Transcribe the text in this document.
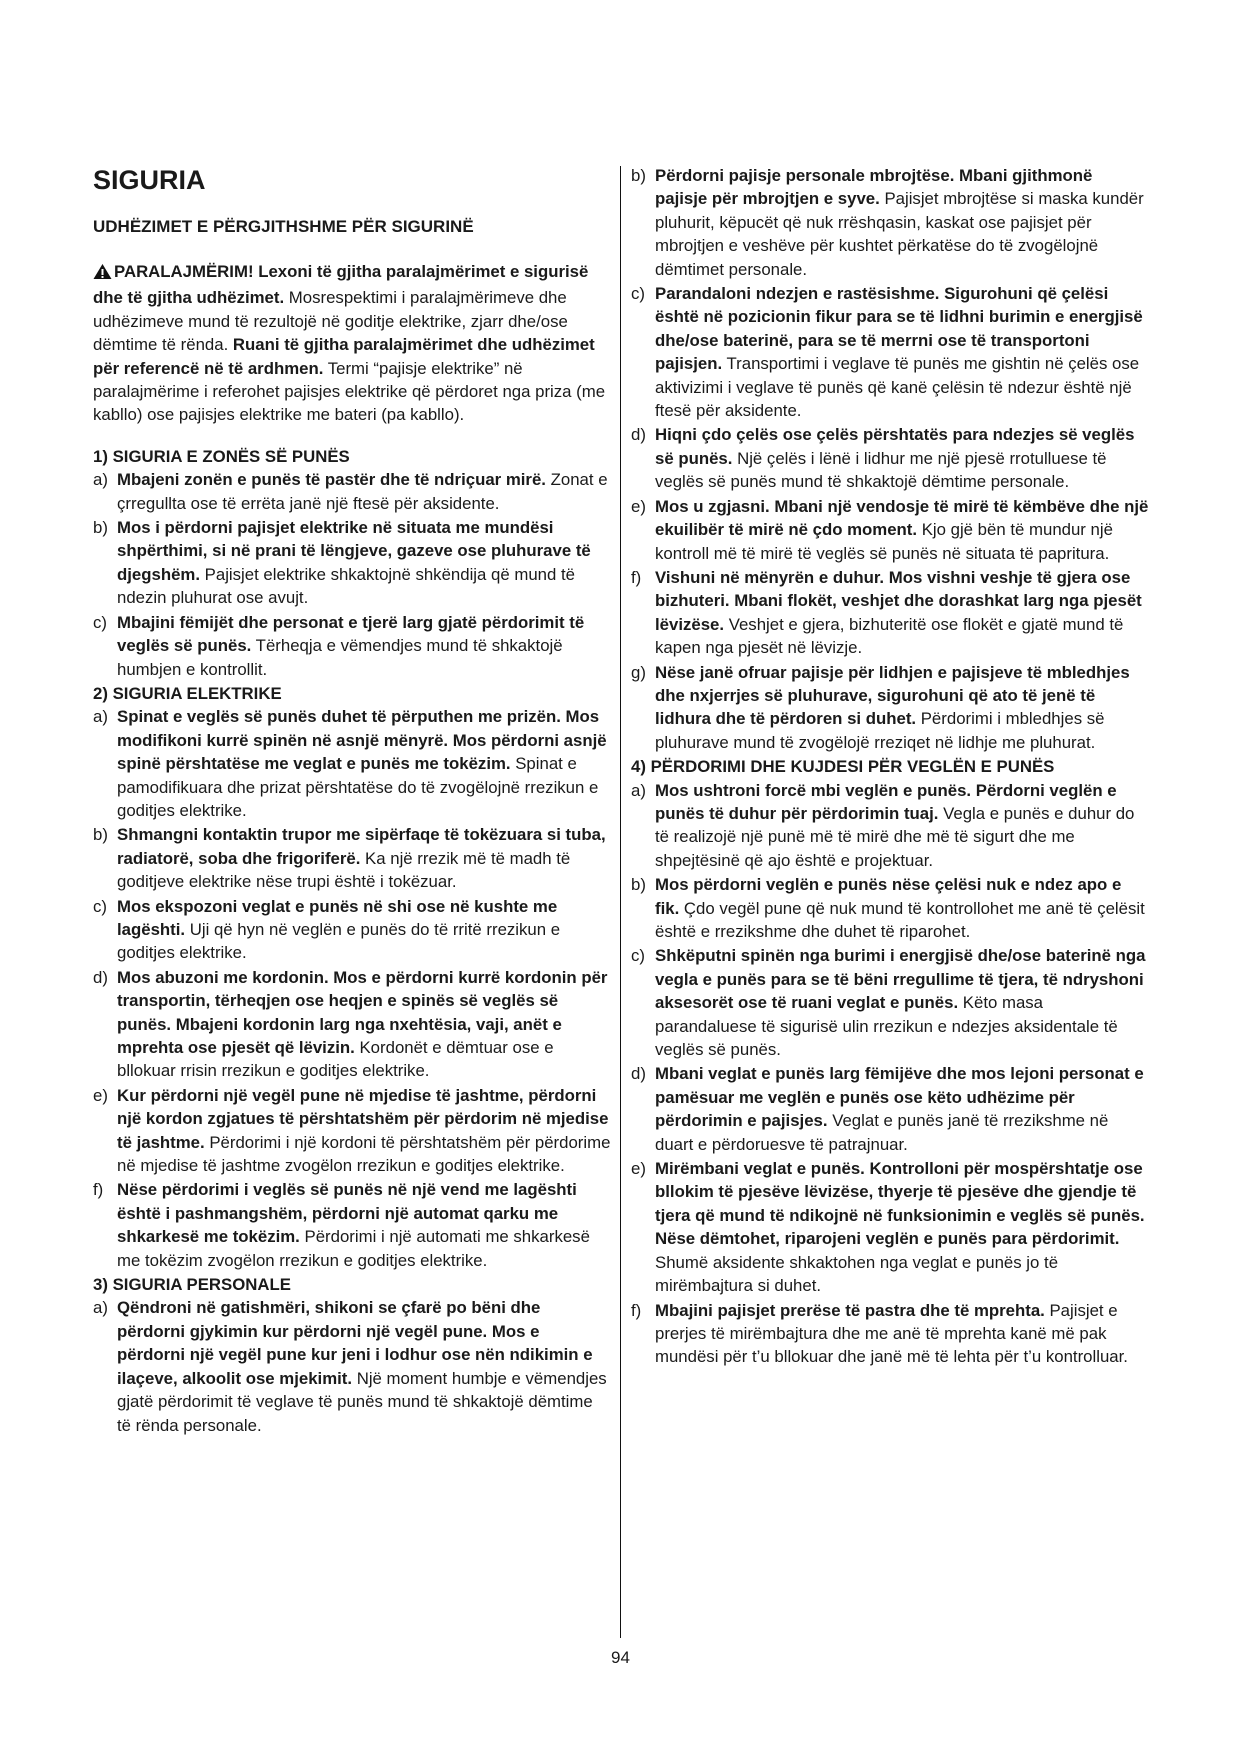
SIGURIA
UDHËZIMET E PËRGJITHSHME PËR SIGURINË

PARALAJMËRIM! Lexoni të gjitha paralajmërimet e sigurisë dhe të gjitha udhëzimet. Mosrespektimi i paralajmërimeve dhe udhëzimeve mund të rezultojë në goditje elektrike, zjarr dhe/ose dëmtime të rënda. Ruani të gjitha paralajmërimet dhe udhëzimet për referencë në të ardhmen. Termi “pajisje elektrike” në paralajmërime i referohet pajisjes elektrike që përdoret nga priza (me kabllo) ose pajisjes elektrike me bateri (pa kabllo).

1) SIGURIA E ZONËS SË PUNËS
a) Mbajeni zonën e punës të pastër dhe të ndriçuar mirë. Zonat e çrregullta ose të errëta janë një ftesë për aksidente.
b) Mos i përdorni pajisjet elektrike në situata me mundësi shpërthimi, si në prani të lëngjeve, gazeve ose pluhurave të djegshëm. Pajisjet elektrike shkaktojnë shkëndija që mund të ndezin pluhurat ose avujt.
c) Mbajini fëmijët dhe personat e tjerë larg gjatë përdorimit të veglës së punës. Tërheqja e vëmendjes mund të shkaktojë humbjen e kontrollit.
2) SIGURIA ELEKTRIKE
a) Spinat e veglës së punës duhet të përputhen me prizën. Mos modifikoni kurrë spinën në asnjë mënyrë. Mos përdorni asnjë spinë përshtatëse me veglat e punës me tokëzim. Spinat e pamodifikuara dhe prizat përshtatëse do të zvogëlojnë rrezikun e goditjes elektrike.
b) Shmangni kontaktin trupor me sipërfaqe të tokëzuara si tuba, radiatorë, soba dhe frigoriferë. Ka një rrezik më të madh të goditjeve elektrike nëse trupi është i tokëzuar.
c) Mos ekspozoni veglat e punës në shi ose në kushte me lagështi. Uji që hyn në veglën e punës do të rritë rrezikun e goditjes elektrike.
d) Mos abuzoni me kordonin. Mos e përdorni kurrë kordonin për transportin, tërheqjen ose heqjen e spinës së veglës së punës. Mbajeni kordonin larg nga nxehtësia, vaji, anët e mprehta ose pjesët që lëvizin. Kordonët e dëmtuar ose e bllokuar rrisin rrezikun e goditjes elektrike.
e) Kur përdorni një vegël pune në mjedise të jashtme, përdorni një kordon zgjatues të përshtatshëm për përdorim në mjedise të jashtme. Përdorimi i një kordoni të përshtatshëm për përdorime në mjedise të jashtme zvogëlon rrezikun e goditjes elektrike.
f) Nëse përdorimi i veglës së punës në një vend me lagështi është i pashmangshëm, përdorni një automat qarku me shkarkesë me tokëzim. Përdorimi i një automati me shkarkesë me tokëzim zvogëlon rrezikun e goditjes elektrike.
3) SIGURIA PERSONALE
a) Qëndroni në gatishmëri, shikoni se çfarë po bëni dhe përdorni gjykimin kur përdorni një vegël pune. Mos e përdorni një vegël pune kur jeni i lodhur ose nën ndikimin e ilaçeve, alkoolit ose mjekimit. Një moment humbje e vëmendjes gjatë përdorimit të veglave të punës mund të shkaktojë dëmtime të rënda personale.
b) Përdorni pajisje personale mbrojtëse. Mbani gjithmonë pajisje për mbrojtjen e syve. Pajisjet mbrojtëse si maska kundër pluhurit, këpucët që nuk rrëshqasin, kaskat ose pajisjet për mbrojtjen e veshëve për kushtet përkatëse do të zvogëlojnë dëmtimet personale.
c) Parandaloni ndezjen e rastësishme. Sigurohuni që çelësi është në pozicionin fikur para se të lidhni burimin e energjisë dhe/ose baterinë, para se të merrni ose të transportoni pajisjen. Transportimi i veglave të punës me gishtin në çelës ose aktivizimi i veglave të punës që kanë çelësin të ndezur është një ftesë për aksidente.
d) Hiqni çdo çelës ose çelës përshtatës para ndezjes së veglës së punës. Një çelës i lënë i lidhur me një pjesë rrotulluese të veglës së punës mund të shkaktojë dëmtime personale.
e) Mos u zgjasni. Mbani një vendosje të mirë të këmbëve dhe një ekuilibër të mirë në çdo moment. Kjo gjë bën të mundur një kontroll më të mirë të veglës së punës në situata të papritura.
f) Vishuni në mënyrën e duhur. Mos vishni veshje të gjera ose bizhuteri. Mbani flokët, veshjet dhe dorashkat larg nga pjesët lëvizëse. Veshjet e gjera, bizhuteritë ose flokët e gjatë mund të kapen nga pjesët në lëvizje.
g) Nëse janë ofruar pajisje për lidhjen e pajisjeve të mbledhjes dhe nxjerrjes së pluhurave, sigurohuni që ato të jenë të lidhura dhe të përdoren si duhet. Përdorimi i mbledhjes së pluhurave mund të zvogëlojë rreziqet në lidhje me pluhurat.
4) PËRDORIMI DHE KUJDESI PËR VEGLËN E PUNËS
a) Mos ushtroni forcë mbi veglën e punës. Përdorni veglën e punës të duhur për përdorimin tuaj. Vegla e punës e duhur do të realizojë një punë më të mirë dhe më të sigurt dhe me shpejtësinë që ajo është e projektuar.
b) Mos përdorni veglën e punës nëse çelësi nuk e ndez apo e fik. Çdo vegël pune që nuk mund të kontrollohet me anë të çelësit është e rrezikshme dhe duhet të riparohet.
c) Shkëputni spinën nga burimi i energjisë dhe/ose baterinë nga vegla e punës para se të bëni rregullime të tjera, të ndryshoni aksesorët ose të ruani veglat e punës. Këto masa parandaluese të sigurisë ulin rrezikun e ndezjes aksidentale të veglës së punës.
d) Mbani veglat e punës larg fëmijëve dhe mos lejoni personat e pamësuar me veglën e punës ose këto udhëzime për përdorimin e pajisjes. Veglat e punës janë të rrezikshme në duart e përdoruesve të patrajnuar.
e) Mirëmbani veglat e punës. Kontrolloni për mospërshtatje ose bllokim të pjesëve lëvizëse, thyerje të pjesëve dhe gjendje të tjera që mund të ndikojnë në funksionimin e veglës së punës. Nëse dëmtohet, riparojeni veglën e punës para përdorimit. Shumë aksidente shkaktohen nga veglat e punës jo të mirëmbajtura si duhet.
f) Mbajini pajisjet prerëse të pastra dhe të mprehta. Pajisjet e prerjes të mirëmbajtura dhe me anë të mprehta kanë më pak mundësi për t’u bllokuar dhe janë më të lehta për t’u kontrolluar.
94
